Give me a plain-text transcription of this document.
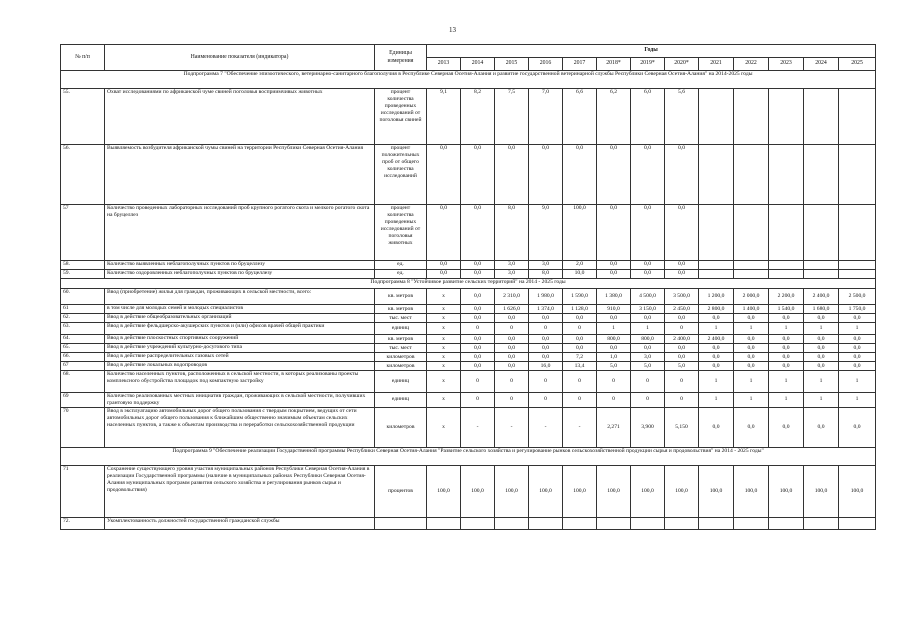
13
№ п/п	Наименование показателя (индикатора)	Единицы измерения	Годы												
			2013	2014	2015	2016	2017	2018*	2019*	2020*	2021	2022	2023	2024	2025
Подпрограмма 7 "Обеспечение эпизоотического, ветеринарно-санитарного благополучия в Республике Северная Осетия-Алания и развитие государственной ветеринарной службы Республики Северная Осетия-Алания" на 2014-2025 годы															
55.	Охват исследованиями по африканской чуме свиней поголовья восприимчивых животных	процент количества проведенных исследований от поголовья свиней	9,1	8,2	7,5	7,0	6,6	6,2	6,0	5,6					
56.	Выявляемость возбудителя африканской чумы свиней на территории Республики Северная Осетия-Алания	процент положительных проб от общего количества исследований	0,0	0,0	0,0	0,0	0,0	0,0	0,0	0,0					
57	Количество проведенных лабораторных исследований проб крупного рогатого скота и мелкого рогатого скота на бруцеллез	процент количества проведенных исследований от поголовья животных	0,0	0,0	8,0	9,0	100,0	0,0	0,0	0,0					
58.	Количество выявленных неблагополучных пунктов по бруцеллезу	ед.	0,0	0,0	3,0	3,0	2,0	0,0	0,0	0,0					
59.	Количество оздоровленных неблагополучных пунктов по бруцеллезу	ед.	0,0	0,0	3,0	8,0	10,0	0,0	0,0	0,0					
Подпрограмма 8 "Устойчивое развитие сельских территорий" на 2014 - 2025 годы															
60.	Ввод (приобретение) жилья для граждан, проживающих в сельской местности, всего:	кв. метров	x	0,0	2 310,0	1 980,0	1 590,0	1 380,0	4 500,0	3 500,0	1 200,0	2 000,0	2 200,0	2 400,0	2 500,0
61	в том числе для молодых семей и молодых специалистов	кв. метров	x	0,0	1 626,0	1 374,0	1 128,0	910,0	3 150,0	2 450,0	2 800,0	1 400,0	1 540,0	1 680,0	1 750,0
62.	Ввод в действие общеобразовательных организаций	тыс. мест	x	0,0	0,0	0,0	0,0	0,0	0,0	0,0	0,0	0,0	0,0	0,0	0,0
63.	Ввод в действие фельдшерско-акушерских пунктов и (или) офисов врачей общей практики	единиц	x	0	0	0	0	1	1	0	1	1	1	1	1
64.	Ввод в действие плоскостных спортивных сооружений	кв. метров	x	0,0	0,0	0,0	0,0	800,0	800,0	2 400,0	2 400,0	0,0	0,0	0,0	0,0
65.	Ввод в действие учреждений культурно-досугового типа	тыс. мест	x	0,0	0,0	0,0	0,0	0,0	0,0	0,0	0,0	0,0	0,0	0,0	0,0
66.	Ввод в действие распределительных газовых сетей	километров	x	0,0	0,0	0,0	7,2	1,0	3,0	0,0	0,0	0,0	0,0	0,0	0,0
67	Ввод в действие локальных водопроводов	километров	x	0,0	0,0	16,0	13,4	5,0	5,0	5,0	0,0	0,0	0,0	0,0	0,0
68.	Количество населенных пунктов, расположенных в сельской местности, в которых реализованы проекты комплексного обустройства площадок под компактную застройку	единиц	x	0	0	0	0	0	0	0	1	1	1	1	1
69	Количество реализованных местных инициатив граждан, проживающих в сельской местности, получивших грантовую поддержку	единиц	x	0	0	0	0	0	0	0	1	1	1	1	1
70	Ввод в эксплуатацию автомобильных дорог общего пользования с твердым покрытием, ведущих от сети автомобильных дорог общего пользования к ближайшим общественно значимым объектам сельских населенных пунктов, а также к объектам производства и переработки сельскохозяйственной продукции	километров	x	-	-	-	-	2,271	3,900	5,150	0,0	0,0	0,0	0,0	0,0
Подпрограмма 9 "Обеспечение реализации Государственной программы Республики Северная Осетия-Алания "Развитие сельского хозяйства и регулирование рынков сельскохозяйственной продукции сырья и продовольствия" на 2014 - 2025 годы"															
71	Сохранение существующего уровня участия муниципальных районов Республики Северная Осетия-Алания в реализации Государственной программы (наличие в муниципальных районах Республики Северная Осетия-Алания муниципальных программ развития сельского хозяйства и регулирования рынков сырья и продовольствия)	процентов	100,0	100,0	100,0	100,0	100,0	100,0	100,0	100,0	100,0	100,0	100,0	100,0	100,0
72.	Укомплектованность должностей государственной гражданской службы														
